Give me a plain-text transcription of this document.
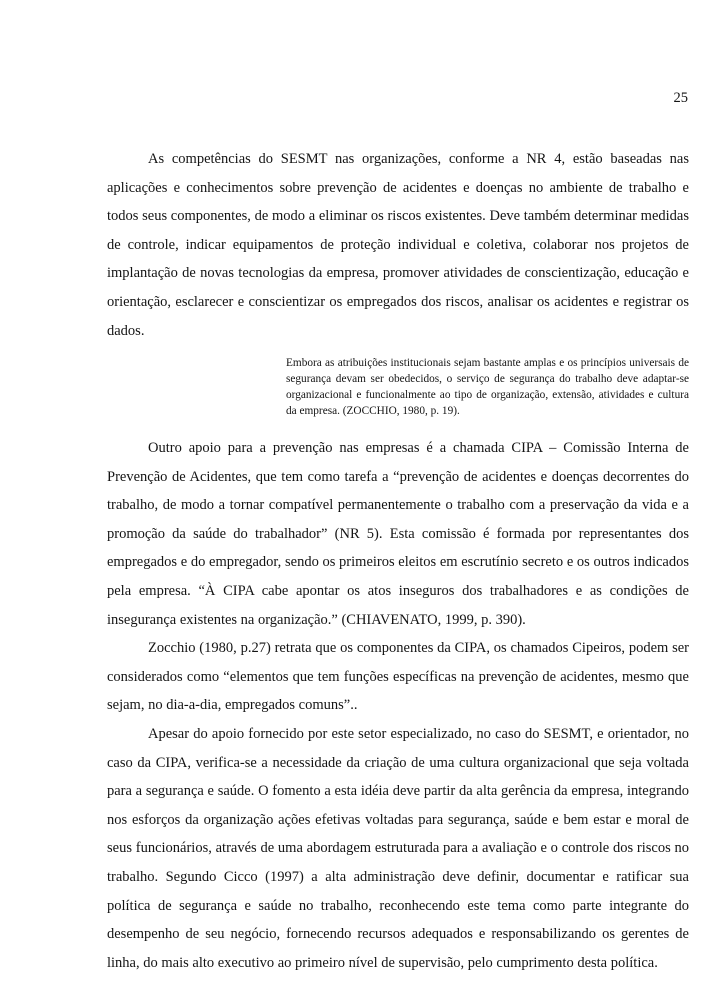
25

As competências do SESMT nas organizações, conforme a NR 4, estão baseadas nas aplicações e conhecimentos sobre prevenção de acidentes e doenças no ambiente de trabalho e todos seus componentes, de modo a eliminar os riscos existentes. Deve também determinar medidas de controle, indicar equipamentos de proteção individual e coletiva, colaborar nos projetos de implantação de novas tecnologias da empresa, promover atividades de conscientização, educação e orientação, esclarecer e conscientizar os empregados dos riscos, analisar os acidentes e registrar os dados.

Embora as atribuições institucionais sejam bastante amplas e os princípios universais de segurança devam ser obedecidos, o serviço de segurança do trabalho deve adaptar-se organizacional e funcionalmente ao tipo de organização, extensão, atividades e cultura da empresa. (ZOCCHIO, 1980, p. 19).

Outro apoio para a prevenção nas empresas é a chamada CIPA – Comissão Interna de Prevenção de Acidentes, que tem como tarefa a “prevenção de acidentes e doenças decorrentes do trabalho, de modo a tornar compatível permanentemente o trabalho com a preservação da vida e a promoção da saúde do trabalhador” (NR 5). Esta comissão é formada por representantes dos empregados e do empregador, sendo os primeiros eleitos em escrutínio secreto e os outros indicados pela empresa. “À CIPA cabe apontar os atos inseguros dos trabalhadores e as condições de insegurança existentes na organização.” (CHIAVENATO, 1999, p. 390).

Zocchio (1980, p.27) retrata que os componentes da CIPA, os chamados Cipeiros, podem ser considerados como “elementos que tem funções específicas na prevenção de acidentes, mesmo que sejam, no dia-a-dia, empregados comuns”..

Apesar do apoio fornecido por este setor especializado, no caso do SESMT, e orientador, no caso da CIPA, verifica-se a necessidade da criação de uma cultura organizacional que seja voltada para a segurança e saúde. O fomento a esta idéia deve partir da alta gerência da empresa, integrando nos esforços da organização ações efetivas voltadas para segurança, saúde e bem estar e moral de seus funcionários, através de uma abordagem estruturada para a avaliação e o controle dos riscos no trabalho. Segundo Cicco (1997) a alta administração deve definir, documentar e ratificar sua política de segurança e saúde no trabalho, reconhecendo este tema como parte integrante do desempenho de seu negócio, fornecendo recursos adequados e responsabilizando os gerentes de linha, do mais alto executivo ao primeiro nível de supervisão, pelo cumprimento desta política.
